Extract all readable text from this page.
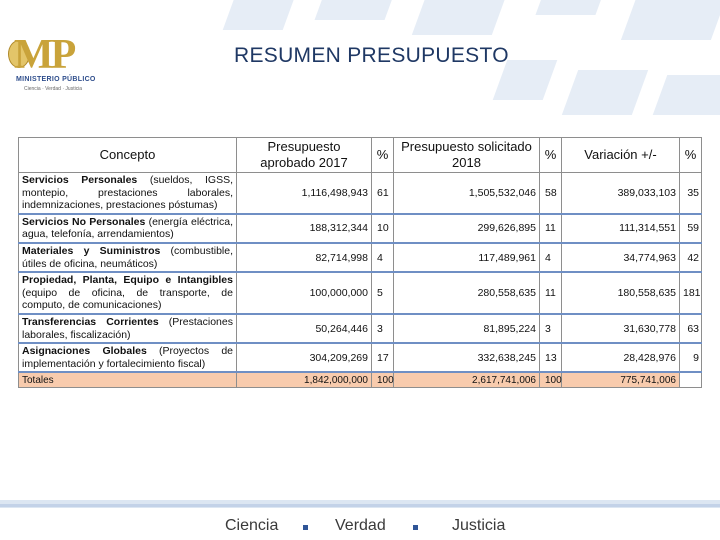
MP
MINISTERIO PÚBLICO
Ciencia · Verdad · Justicia
RESUMEN PRESUPUESTO
Concepto	Presupuesto aprobado 2017	%	Presupuesto solicitado 2018	%	Variación +/-	%
Servicios Personales (sueldos, IGSS, montepio, prestaciones laborales, indemnizaciones, prestaciones póstumas)	1,116,498,943	61	1,505,532,046	58	389,033,103	35
Servicios No Personales (energía eléctrica, agua, telefonía, arrendamientos)	188,312,344	10	299,626,895	11	111,314,551	59
Materiales y Suministros (combustible, útiles de oficina, neumáticos)	82,714,998	4	117,489,961	4	34,774,963	42
Propiedad, Planta, Equipo e Intangibles (equipo de oficina, de transporte, de computo, de comunicaciones)	100,000,000	5	280,558,635	11	180,558,635	181
Transferencias Corrientes (Prestaciones laborales, fiscalización)	50,264,446	3	81,895,224	3	31,630,778	63
Asignaciones Globales (Proyectos de implementación y fortalecimiento fiscal)	304,209,269	17	332,638,245	13	28,428,976	9
Totales	1,842,000,000	100	2,617,741,006	100	775,741,006	
Ciencia	Verdad	Justicia
